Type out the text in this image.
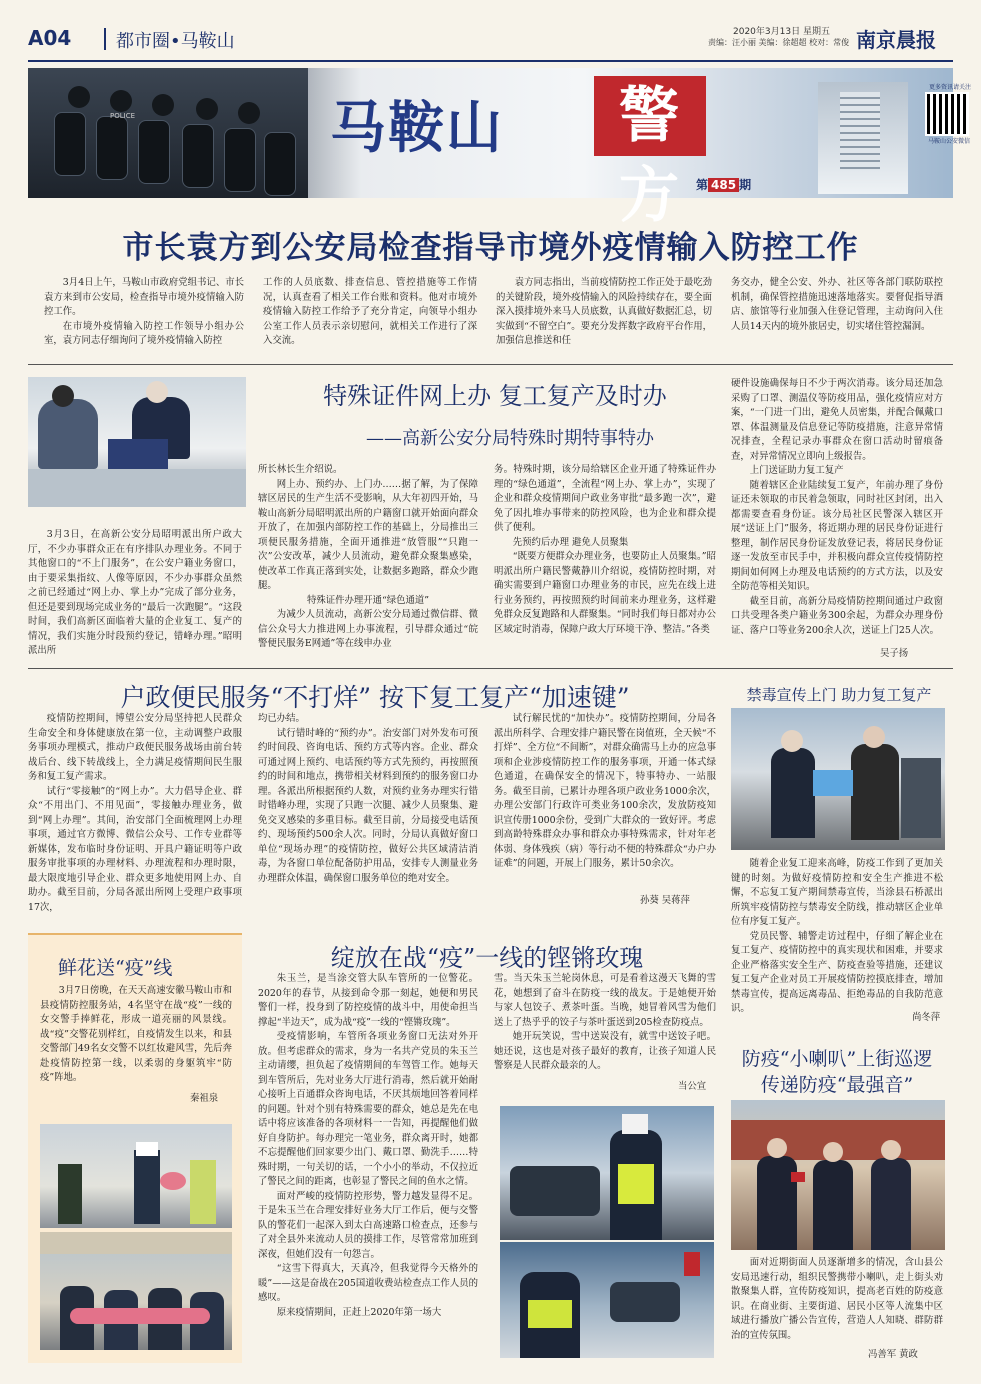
A04 都市圈•马鞍山	2020年3月13日 星期五
责编：汪小丽 美编：徐超超 校对：常俊 南京晨报
POLICE	马鞍山	警方	第 485 期
更多资讯请关注
马鞍山公安微信
市长袁方到公安局检查指导市境外疫情输入防控工作

3月4日上午，马鞍山市政府党组书记、市长袁方来到市公安局，检查指导市境外疫情输入防控工作。

在市境外疫情输入防控工作领导小组办公室，袁方同志仔细询问了境外疫情输入防控

工作的人员底数、排查信息、管控措施等工作情况，认真查看了相关工作台账和资料。他对市境外疫情输入防控工作给予了充分肯定，向领导小组办公室工作人员表示亲切慰问，就相关工作进行了深入交流。

袁方同志指出，当前疫情防控工作正处于最吃劲的关键阶段，境外疫情输入的风险持续存在，要全面深入摸排境外来马人员底数，认真做好数据汇总，切实做到“不留空白”。要充分发挥数字政府平台作用，加强信息推送和任

务交办，健全公安、外办、社区等各部门联防联控机制，确保管控措施迅速落地落实。要督促指导酒店、旅馆等行业加强入住登记管理，主动询问入住人员14天内的境外旅居史，切实堵住管控漏洞。

特殊证件网上办 复工复产及时办
——高新公安分局特殊时期特事特办

3月3日，在高新公安分局昭明派出所户政大厅，不少办事群众正在有序排队办理业务。不同于其他窗口的“不上门服务”，在公安户籍业务窗口，由于要采集指纹、人像等原因，不少办事群众虽然之前已经通过“网上办、掌上办”完成了部分业务，但还是要到现场完成业务的“最后一次跑腿”。“这段时间，我们高新区面临着大量的企业复工、复产的情况，我们实施分时段预约登记，错峰办理。”昭明派出所

所长林长生介绍说。

网上办、预约办、上门办……据了解，为了保障辖区居民的生产生活不受影响，从大年初四开始，马鞍山高新分局昭明派出所的户籍窗口就开始面向群众开放了，在加强内部防控工作的基础上，分局推出三项便民服务措施，全面开通推进“放管服”“只跑一次”公安改革，减少人员流动，避免群众聚集感染，使改革工作真正落到实处，让数据多跑路，群众少跑腿。

特殊证件办理开通“绿色通道”

为减少人员流动，高新公安分局通过微信群、微信公众号大力推进网上办事流程，引导群众通过“皖警便民服务E网通”等在线申办业

务。特殊时期，该分局给辖区企业开通了特殊证件办理的“绿色通道”，全流程“网上办、掌上办”，实现了企业和群众疫情期间户政业务审批“最多跑一次”，避免了因扎堆办事带来的防控风险，也为企业和群众提供了便利。

先预约后办理 避免人员聚集

“既要方便群众办理业务，也要防止人员聚集。”昭明派出所户籍民警戴静川介绍说，疫情防控时期，对确实需要到户籍窗口办理业务的市民，应先在线上进行业务预约，再按照预约时间前来办理业务，这样避免群众反复跑路和人群聚集。“同时我们每日都对办公区域定时消毒，保障户政大厅环境干净、整洁。”各类

硬件设施确保每日不少于两次消毒。该分局还加急采购了口罩、测温仪等防疫用品，强化疫情应对方案，“一门进一门出，避免人员密集，并配合佩戴口罩、体温测量及信息登记等防疫措施，注意异常情况排查，全程记录办事群众在窗口活动时留痕备查，对异常情况立即向上级报告。

上门送证助力复工复产

随着辖区企业陆续复工复产，年前办理了身份证还未领取的市民着急领取，同时社区封闭，出入都需要查看身份证。该分局社区民警深入辖区开展“送证上门”服务，将近期办理的居民身份证进行整理，制作居民身份证发放登记表，将居民身份证逐一发放至市民手中，并积极向群众宣传疫情防控期间如何网上办理及电话预约的方式方法，以及安全防范等相关知识。

截至目前，高新分局疫情防控期间通过户政窗口共受理各类户籍业务300余起，为群众办理身份证、落户口等业务200余人次，送证上门25人次。

吴子扬
户政便民服务“不打烊” 按下复工复产“加速键”

疫情防控期间，博望公安分局坚持把人民群众生命安全和身体健康放在第一位，主动调整户政服务事项办理模式，推动户政便民服务战场由前台转战后台、线下转战线上，全力满足疫情期间民生服务和复工复产需求。

试行“零接触”的“网上办”。大力倡导企业、群众“不用出门、不用见面”，零接触办理业务，做到“网上办理”。其间，治安部门全面梳理网上办理事项，通过官方微博、微信公众号、工作专业群等新媒体，发布临时身份证明、开具户籍证明等户政服务审批事项的办理材料、办理流程和办理时限，最大限度地引导企业、群众更多地使用网上办、自助办。截至目前，分局各派出所网上受理户政事项17次，

均已办结。

试行错时峰的“预约办”。治安部门对外发布可预约时间段、咨询电话、预约方式等内容。企业、群众可通过网上预约、电话预约等方式先预约，再按照预约的时间和地点，携带相关材料到预约的服务窗口办理。各派出所根据预约人数，对预约业务办理实行错时错峰办理，实现了只跑一次腿、减少人员聚集、避免交叉感染的多重目标。截至目前，分局接受电话预约、现场预约500余人次。同时，分局认真做好窗口单位“现场办理”的疫情防控，做好公共区域清洁消毒，为各窗口单位配备防护用品，安排专人测量业务办理群众体温，确保窗口服务单位的绝对安全。

试行解民忧的“加快办”。疫情防控期间，分局各派出所科学、合理安排户籍民警在岗值班，全天候“不打烊”、全方位“不间断”，对群众确需马上办的应急事项和企业涉疫情防控工作的服务事项，开通一体式绿色通道，在确保安全的情况下，特事特办、一站服务。截至目前，已累计办理各项户政业务1000余次，办理公安部门行政许可类业务100余次，发放防疫知识宣传册1000余份，受到广大群众的一致好评。考虑到高龄特殊群众办事和群众办事特殊需求，针对年老体弱、身体残疾（病）等行动不便的特殊群众“办户办证难”的问题，开展上门服务，累计50余次。

孙葵 吴蒋萍
禁毒宣传上门 助力复工复产

随着企业复工迎来高峰，防疫工作到了更加关键的时刻。为做好疫情防控和安全生产推进不松懈，不忘复工复产期间禁毒宣传，当涂县石桥派出所筑牢疫情防控与禁毒安全防线，推动辖区企业单位有序复工复产。

党员民警、辅警走访过程中，仔细了解企业在复工复产、疫情防控中的真实现状和困难，并要求企业严格落实安全生产、防疫查验等措施，还建议复工复产企业对员工开展疫情防控摸底排查，增加禁毒宣传，提高远离毒品、拒绝毒品的自我防范意识。

尚冬萍
鲜花送“疫”线

3月7日傍晚，在天天高速安徽马鞍山市和县疫情防控服务站，4名坚守在战“疫”一线的女交警手捧鲜花，形成一道亮丽的风景线。战“疫”交警花别样红，自疫情发生以来，和县交警部门49名女交警不以红妆避风雪，先后奔赴疫情防控第一线，以柔弱的身躯筑牢“防疫”阵地。

秦祖泉
绽放在战“疫”一线的铿锵玫瑰

朱玉兰，是当涂交管大队车管所的一位警花。2020年的春节，从接到命令那一刻起，她便和男民警们一样，投身到了防控疫情的战斗中，用使命担当撑起“半边天”，成为战“疫”一线的“铿锵玫瑰”。

受疫情影响，车管所各项业务窗口无法对外开放。但考虑群众的需求，身为一名共产党员的朱玉兰主动请缨，担负起了疫情期间的车驾管工作。她每天到车管所后，先对业务大厅进行消毒，然后就开始耐心接听上百通群众咨询电话，不厌其烦地回答着同样的问题。针对个别有特殊需要的群众，她总是先在电话中将应该准备的各项材料一一告知，再提醒他们做好自身防护。每办理完一笔业务，群众离开时，她都不忘提醒他们回家要少出门、戴口罩、勤洗手……特殊时期，一句关切的话，一个小小的举动，不仅拉近了警民之间的距离，也彰显了警民之间的鱼水之情。

面对严峻的疫情防控形势，警力越发显得不足。于是朱玉兰在合理安排好业务大厅工作后，便与交警队的警花们一起深入到太白高速路口检查点，还参与了对全县外来流动人员的摸排工作，尽管常常加班到深夜，但她们没有一句怨言。

“这雪下得真大，天真冷，但我觉得今天格外的暖”——这是奋战在205国道收费站检查点工作人员的感叹。

原来疫情期间，正赶上2020年第一场大

雪。当天朱玉兰轮岗休息，可是看着这漫天飞舞的雪花，她想到了奋斗在防疫一线的战友。于是她便开始与家人包饺子、煮茶叶蛋。当晚，她冒着风雪为他们送上了热乎乎的饺子与茶叶蛋送到205检查防疫点。

她开玩笑说，雪中送炭没有，就雪中送饺子吧。她还说，这也是对孩子最好的教育，让孩子知道人民警察是人民群众最亲的人。

当公宣
防疫“小喇叭”上街巡逻
传递防疫“最强音”

面对近期街面人员逐渐增多的情况，含山县公安局迅速行动，组织民警携带小喇叭，走上街头劝散聚集人群，宣传防疫知识，提高老百姓的防疫意识。在商业街、主要街道、居民小区等人流集中区域进行播放广播公告宣传，营造人人知晓、群防群治的宣传氛围。

冯善军 黄政
